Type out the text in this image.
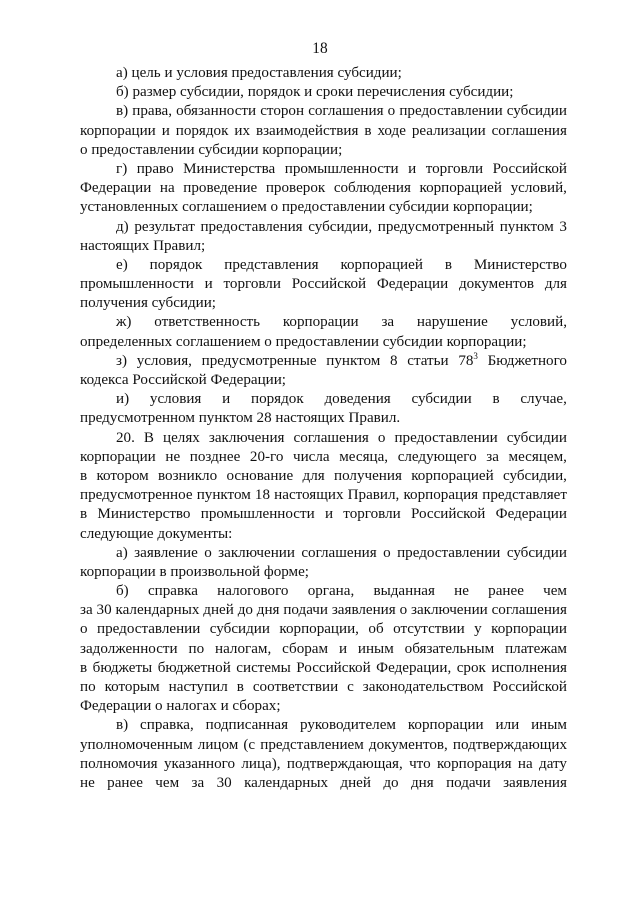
18
а) цель и условия предоставления субсидии;
б) размер субсидии, порядок и сроки перечисления субсидии;
в) права, обязанности сторон соглашения о предоставлении субсидии
корпорации и порядок их взаимодействия в ходе реализации соглашения
о предоставлении субсидии корпорации;
г) право Министерства промышленности и торговли Российской
Федерации на проведение проверок соблюдения корпорацией условий,
установленных соглашением о предоставлении субсидии корпорации;
д) результат предоставления субсидии, предусмотренный пунктом 3
настоящих Правил;
е) порядок представления корпорацией в Министерство
промышленности и торговли Российской Федерации документов для
получения субсидии;
ж) ответственность корпорации за нарушение условий,
определенных соглашением о предоставлении субсидии корпорации;
з) условия, предусмотренные пунктом 8 статьи $78^3$ Бюджетного
кодекса Российской Федерации;
и) условия и порядок доведения субсидии в случае,
предусмотренном пунктом 28 настоящих Правил.
20. В целях заключения соглашения о предоставлении субсидии
корпорации не позднее 20-го числа месяца, следующего за месяцем,
в котором возникло основание для получения корпорацией субсидии,
предусмотренное пунктом 18 настоящих Правил, корпорация представляет
в Министерство промышленности и торговли Российской Федерации
следующие документы:
а) заявление о заключении соглашения о предоставлении субсидии
корпорации в произвольной форме;
б) справка налогового органа, выданная не ранее чем
за 30 календарных дней до дня подачи заявления о заключении соглашения
о предоставлении субсидии корпорации, об отсутствии у корпорации
задолженности по налогам, сборам и иным обязательным платежам
в бюджеты бюджетной системы Российской Федерации, срок исполнения
по которым наступил в соответствии с законодательством Российской
Федерации о налогах и сборах;
в) справка, подписанная руководителем корпорации или иным
уполномоченным лицом (с представлением документов, подтверждающих
полномочия указанного лица), подтверждающая, что корпорация на дату
не ранее чем за 30 календарных дней до дня подачи заявления
